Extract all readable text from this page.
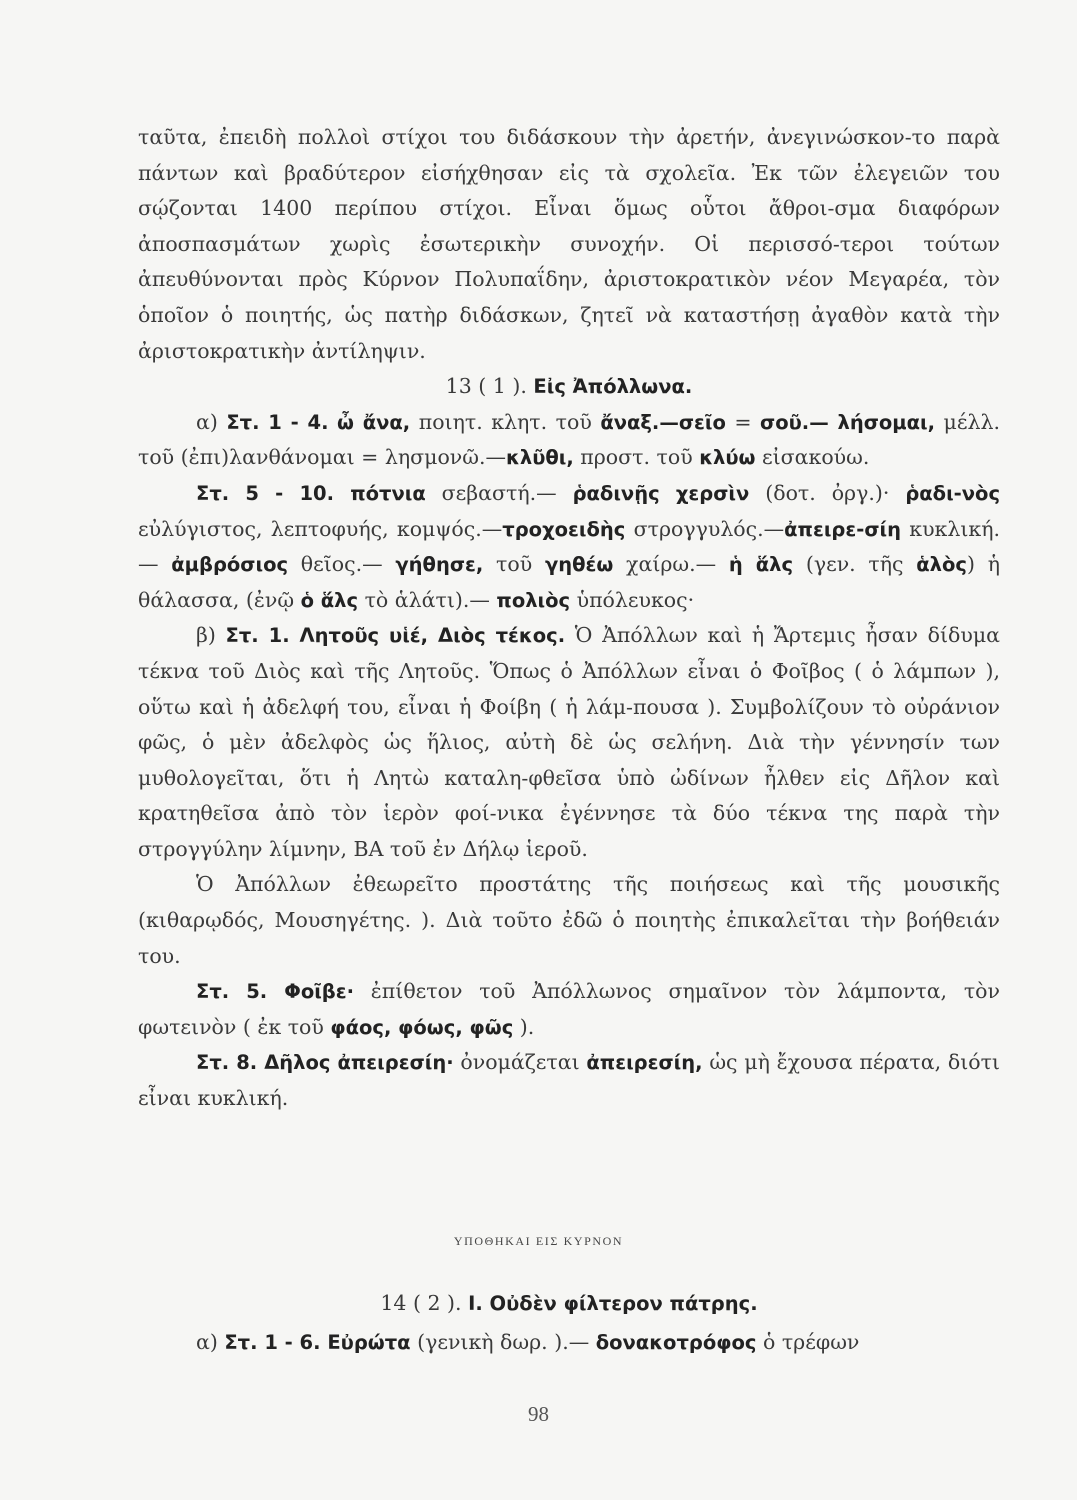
ταῦτα, ἐπειδὴ πολλοὶ στίχοι του διδάσκουν τὴν ἀρετήν, ἀνεγινώσκον-το παρὰ πάντων καὶ βραδύτερον εἰσήχθησαν εἰς τὰ σχολεῖα. Ἐκ τῶν ἐλεγειῶν του σῴζονται 1400 περίπου στίχοι. Εἶναι ὅμως οὗτοι ἄθροι-σμα διαφόρων ἀποσπασμάτων χωρὶς ἐσωτερικὴν συνοχήν. Οἱ περισσό-τεροι τούτων ἀπευθύνονται πρὸς Κύρνον Πολυπαΐδην, ἀριστοκρατικὸν νέον Μεγαρέα, τὸν ὁποῖον ὁ ποιητής, ὡς πατὴρ διδάσκων, ζητεῖ νὰ καταστήσῃ ἀγαθὸν κατὰ τὴν ἀριστοκρατικὴν ἀντίληψιν.

13 ( 1 ). Εἰς Ἀπόλλωνα.

α) Στ. 1 - 4. ὦ ἄνα, ποιητ. κλητ. τοῦ ἄναξ.—σεῖο = σοῦ.— λήσομαι, μέλλ. τοῦ (ἐπι)λανθάνομαι = λησμονῶ.—κλῦθι, προστ. τοῦ κλύω εἰσακούω.

Στ. 5 - 10. πότνια σεβαστή.— ῥαδινῇς χερσὶν (δοτ. ὀργ.)· ῥαδι-νὸς εὐλύγιστος, λεπτοφυής, κομψός.—τροχοειδὴς στρογγυλός.—ἀπειρε-σίη κυκλική.— ἀμβρόσιος θεῖος.— γήθησε, τοῦ γηθέω χαίρω.— ἡ ἅλς (γεν. τῆς ἁλὸς) ἡ θάλασσα, (ἐνῷ ὁ ἅλς τὸ ἁλάτι).— πολιὸς ὑπόλευκος·

β) Στ. 1. Λητοῦς υἱέ, Διὸς τέκος. Ὁ Ἀπόλλων καὶ ἡ Ἄρτεμις ἦσαν δίδυμα τέκνα τοῦ Διὸς καὶ τῆς Λητοῦς. Ὅπως ὁ Ἀπόλλων εἶναι ὁ Φοῖβος ( ὁ λάμπων ), οὕτω καὶ ἡ ἀδελφή του, εἶναι ἡ Φοίβη ( ἡ λάμ-πουσα ). Συμβολίζουν τὸ οὐράνιον φῶς, ὁ μὲν ἀδελφὸς ὡς ἥλιος, αὐτὴ δὲ ὡς σελήνη. Διὰ τὴν γέννησίν των μυθολογεῖται, ὅτι ἡ Λητὼ καταλη-φθεῖσα ὑπὸ ὠδίνων ἦλθεν εἰς Δῆλον καὶ κρατηθεῖσα ἀπὸ τὸν ἱερὸν φοί-νικα ἐγέννησε τὰ δύο τέκνα της παρὰ τὴν στρογγύλην λίμνην, ΒΑ τοῦ ἐν Δήλῳ ἱεροῦ.

Ὁ Ἀπόλλων ἐθεωρεῖτο προστάτης τῆς ποιήσεως καὶ τῆς μουσικῆς (κιθαρῳδός, Μουσηγέτης. ). Διὰ τοῦτο ἐδῶ ὁ ποιητὴς ἐπικαλεῖται τὴν βοήθειάν του.

Στ. 5. Φοῖβε· ἐπίθετον τοῦ Ἀπόλλωνος σημαῖνον τὸν λάμποντα, τὸν φωτεινὸν ( ἐκ τοῦ φάος, φόως, φῶς ).

Στ. 8. Δῆλος ἀπειρεσίη· ὀνομάζεται ἀπειρεσίη, ὡς μὴ ἔχουσα πέρατα, διότι εἶναι κυκλική.

ΥΠΟΘΗΚΑΙ ΕΙΣ ΚΥΡΝΟΝ

14 ( 2 ). Ι. Οὐδὲν φίλτερον πάτρης.

α) Στ. 1 - 6. Εὐρώτα (γενικὴ δωρ. ).— δονακοτρόφος ὁ τρέφων

98
